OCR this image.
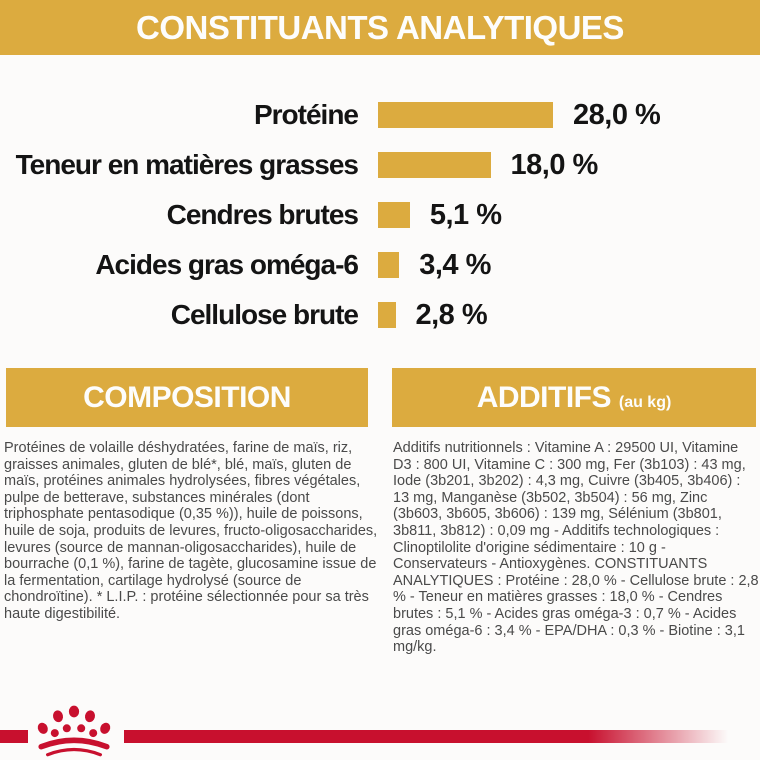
CONSTITUANTS ANALYTIQUES
Protéine	28,0 %
Teneur en matières grasses	18,0 %
Cendres brutes 5,1 %
Acides gras oméga-6 3,4 %
Cellulose brute 2,8 %
COMPOSITION	ADDITIFS (au kg)

Protéines de volaille déshydratées, farine de maïs, riz, graisses animales, gluten de blé*, blé, maïs, gluten de maïs, protéines animales hydrolysées, fibres végétales, pulpe de betterave, substances minérales (dont triphosphate pentasodique (0,35 %)), huile de poissons, huile de soja, produits de levures, fructo-oligosaccharides, levures (source de mannan-oligosaccharides), huile de bourrache (0,1 %), farine de tagète, glucosamine issue de la fermentation, cartilage hydrolysé (source de chondroïtine). * L.I.P. : protéine sélectionnée pour sa très haute digestibilité.

Additifs nutritionnels : Vitamine A : 29500 UI, Vitamine D3 : 800 UI, Vitamine C : 300 mg, Fer (3b103) : 43 mg, Iode (3b201, 3b202) : 4,3 mg, Cuivre (3b405, 3b406) : 13 mg, Manganèse (3b502, 3b504) : 56 mg, Zinc (3b603, 3b605, 3b606) : 139 mg, Sélénium (3b801, 3b811, 3b812) : 0,09 mg - Additifs technologiques : Clinoptilolite d'origine sédimentaire : 10 g - Conservateurs - Antioxygènes. CONSTITUANTS ANALYTIQUES : Protéine : 28,0 % - Cellulose brute : 2,8 % - Teneur en matières grasses : 18,0 % - Cendres brutes : 5,1 % - Acides gras oméga-3 : 0,7 % - Acides gras oméga-6 : 3,4 % - EPA/DHA : 0,3 % - Biotine : 3,1 mg/kg.
